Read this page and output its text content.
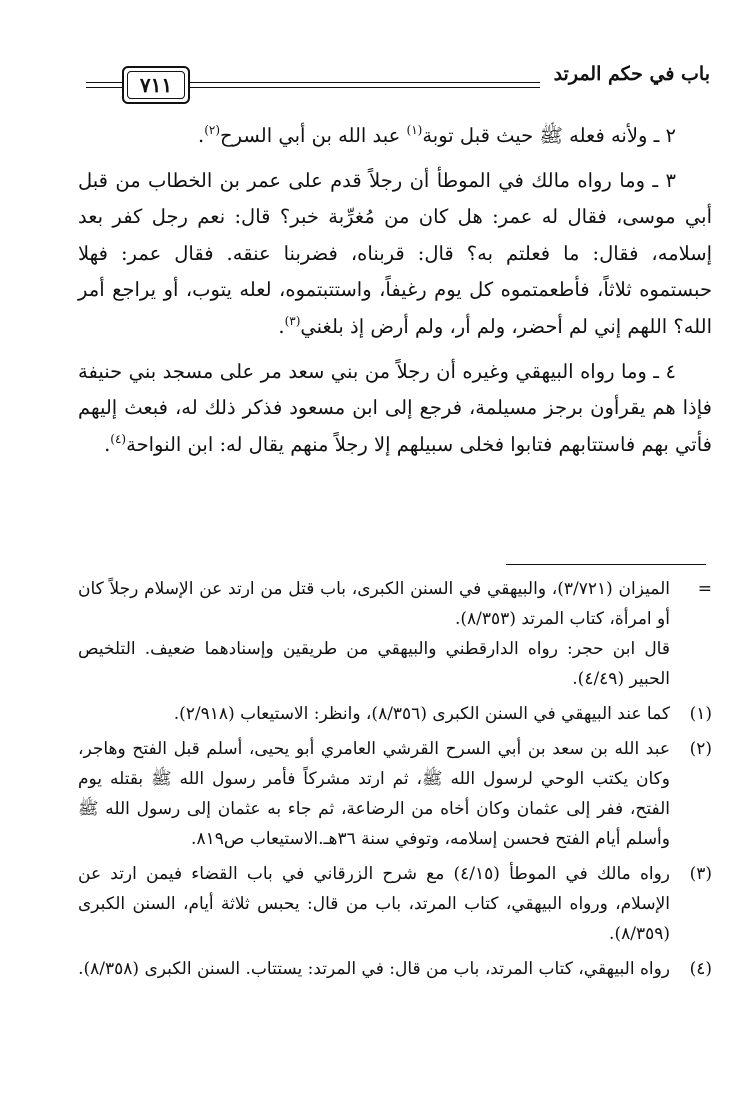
باب في حكم المرتد
٧١١

٢ ـ ولأنه فعله ﷺ حيث قبل توبة$^{(١)}$ عبد الله بن أبي السرح$^{(٢)}$.

٣ ـ وما رواه مالك في الموطأ أن رجلاً قدم على عمر بن الخطاب من قبل أبي موسى، فقال له عمر: هل كان من مُغرِّبة خبر؟ قال: نعم رجل كفر بعد إسلامه، فقال: ما فعلتم به؟ قال: قربناه، فضربنا عنقه. فقال عمر: فهلا حبستموه ثلاثاً، فأطعمتموه كل يوم رغيفاً، واستتبتموه، لعله يتوب، أو يراجع أمر الله؟ اللهم إني لم أحضر، ولم أر، ولم أرض إذ بلغني$^{(٣)}$.

٤ ـ وما رواه البيهقي وغيره أن رجلاً من بني سعد مر على مسجد بني حنيفة فإذا هم يقرأون برجز مسيلمة، فرجع إلى ابن مسعود فذكر ذلك له، فبعث إليهم فأتي بهم فاستتابهم فتابوا فخلى سبيلهم إلا رجلاً منهم يقال له: ابن النواحة$^{(٤)}$.

=

الميزان (٣/٧٢١)، والبيهقي في السنن الكبرى، باب قتل من ارتد عن الإسلام رجلاً كان أو امرأة، كتاب المرتد (٨/٣٥٣).

قال ابن حجر: رواه الدارقطني والبيهقي من طريقين وإسنادهما ضعيف. التلخيص الحبير (٤/٤٩).

(١)

كما عند البيهقي في السنن الكبرى (٨/٣٥٦)، وانظر: الاستيعاب (٢/٩١٨).

(٢)

عبد الله بن سعد بن أبي السرح القرشي العامري أبو يحيى، أسلم قبل الفتح وهاجر، وكان يكتب الوحي لرسول الله ﷺ، ثم ارتد مشركاً فأمر رسول الله ﷺ بقتله يوم الفتح، ففر إلى عثمان وكان أخاه من الرضاعة، ثم جاء به عثمان إلى رسول الله ﷺ وأسلم أيام الفتح فحسن إسلامه، وتوفي سنة ٣٦هـ.الاستيعاب ص٨١٩.

(٣)

رواه مالك في الموطأ (٤/١٥) مع شرح الزرقاني في باب القضاء فيمن ارتد عن الإسلام، ورواه البيهقي، كتاب المرتد، باب من قال: يحبس ثلاثة أيام، السنن الكبرى (٨/٣٥٩).

(٤)

رواه البيهقي، كتاب المرتد، باب من قال: في المرتد: يستتاب. السنن الكبرى (٨/٣٥٨).
